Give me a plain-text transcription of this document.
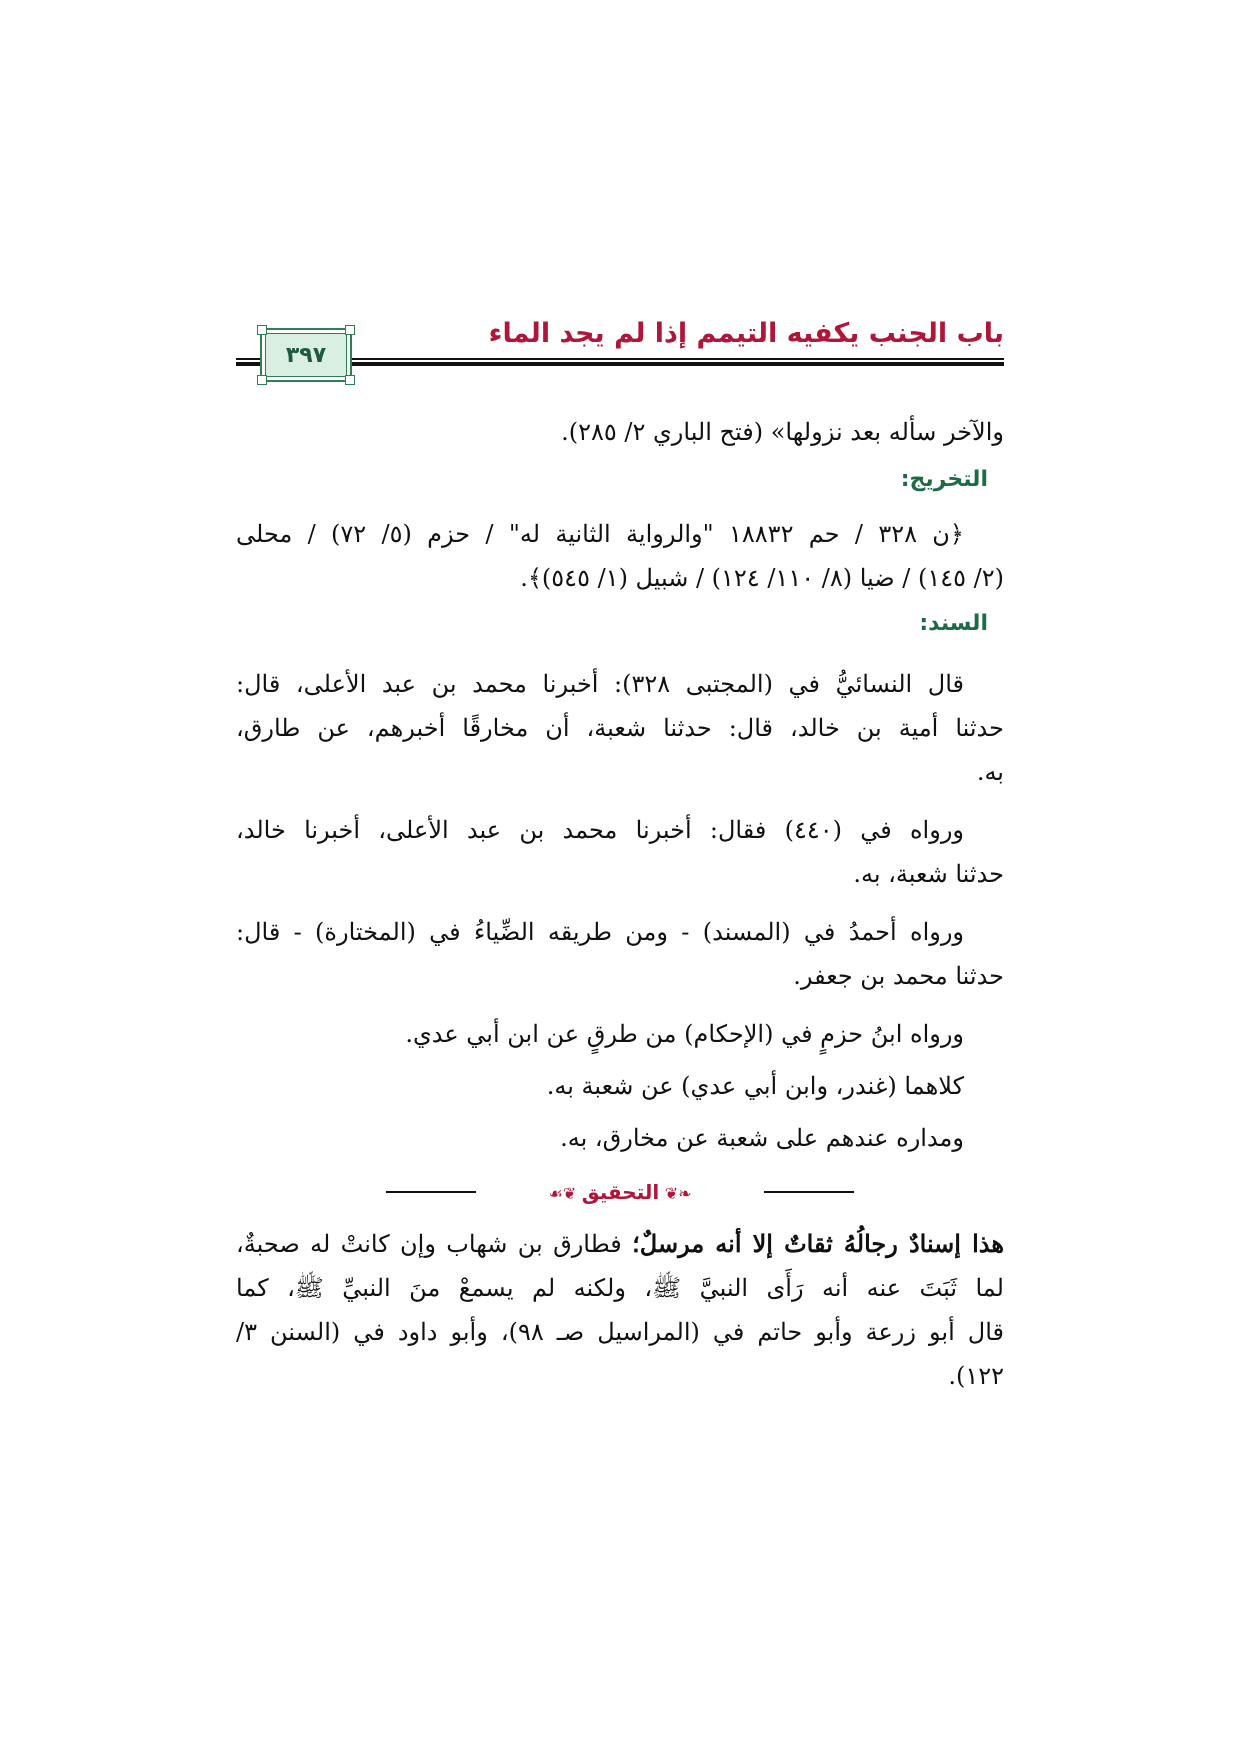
باب الجنب يكفيه التيمم إذا لم يجد الماء
٣٩٧
والآخر سأله بعد نزولها» (فتح الباري ٢/ ٢٨٥).
التخريج:
﴿ن ٣٢٨ / حم ١٨٨٣٢ "والرواية الثانية له" / حزم (٥/ ٧٢) / محلى
(٢/ ١٤٥) / ضيا (٨/ ١١٠/ ١٢٤) / شبيل (١/ ٥٤٥)﴾.
السند:
قال النسائيُّ في (المجتبى ٣٢٨): أخبرنا محمد بن عبد الأعلى، قال:
حدثنا أمية بن خالد، قال: حدثنا شعبة، أن مخارقًا أخبرهم، عن طارق،
به.
ورواه في (٤٤٠) فقال: أخبرنا محمد بن عبد الأعلى، أخبرنا خالد،
حدثنا شعبة، به.
ورواه أحمدُ في (المسند) - ومن طريقه الضِّياءُ في (المختارة) - قال:
حدثنا محمد بن جعفر.
ورواه ابنُ حزمٍ في (الإحكام) من طرقٍ عن ابن أبي عدي.
كلاهما (غندر، وابن أبي عدي) عن شعبة به.
ومداره عندهم على شعبة عن مخارق، به.
❧❦ التحقيق ❦☙
هذا إسنادٌ رجالُهُ ثقاتٌ إلا أنه مرسلٌ؛ فطارق بن شهاب وإن كانتْ له صحبةٌ،
لما ثَبَتَ عنه أنه رَأَى النبيَّ ﷺ، ولكنه لم يسمعْ منَ النبيِّ ﷺ، كما
قال أبو زرعة وأبو حاتم في (المراسيل صـ ٩٨)، وأبو داود في (السنن ٣/
١٢٢).
